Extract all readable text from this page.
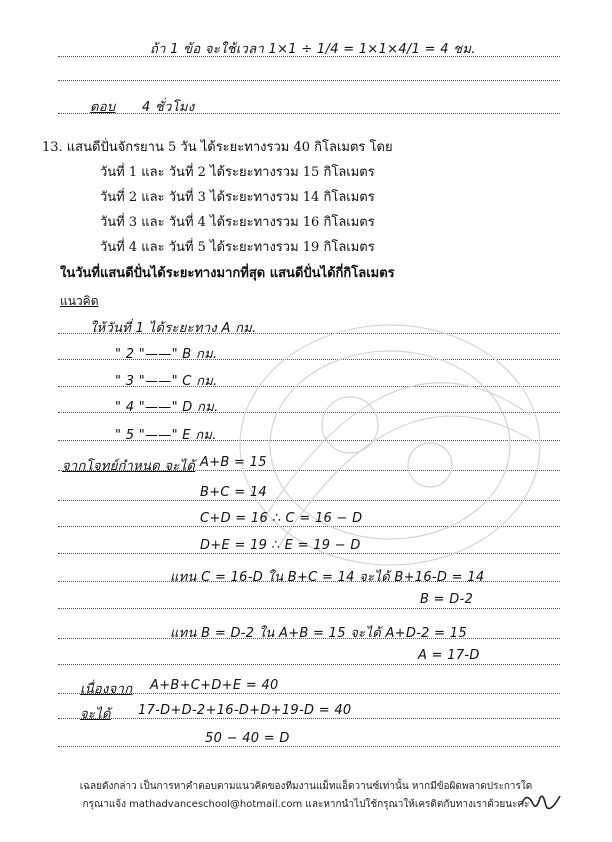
ถ้า 1 ข้อ จะใช้เวลา 1×1 ÷ 1/4 = 1×1×4/1 = 4 ชม.
ตอบ 4 ชั่วโมง
13. แสนดีปั่นจักรยาน 5 วัน ได้ระยะทางรวม 40 กิโลเมตร โดย
วันที่ 1 และ วันที่ 2 ได้ระยะทางรวม 15 กิโลเมตร
วันที่ 2 และ วันที่ 3 ได้ระยะทางรวม 14 กิโลเมตร
วันที่ 3 และ วันที่ 4 ได้ระยะทางรวม 16 กิโลเมตร
วันที่ 4 และ วันที่ 5 ได้ระยะทางรวม 19 กิโลเมตร
ในวันที่แสนดีปั่นได้ระยะทางมากที่สุด แสนดีปั่นได้กี่กิโลเมตร
แนวคิด
ให้วันที่ 1 ได้ระยะทาง A กม.
" 2 "——" B กม.
" 3 "——" C กม.
" 4 "——" D กม.
" 5 "——" E กม.
จากโจทย์กำหนด จะได้ A+B = 15
B+C = 14
C+D = 16 ∴ C = 16 − D
D+E = 19 ∴ E = 19 − D
แทน C = 16-D ใน B+C = 14 จะได้ B+16-D = 14
B = D-2
แทน B = D-2 ใน A+B = 15 จะได้ A+D-2 = 15
A = 17-D
เนื่องจาก A+B+C+D+E = 40
จะได้ 17-D+D-2+16-D+D+19-D = 40
50 − 40 = D
เฉลยดังกล่าว เป็นการหาคำตอบตามแนวคิดของทีมงานแม็ทแอ็ดวานซ์เท่านั้น หากมีข้อผิดพลาดประการใด
กรุณาแจ้ง mathadvanceschool@hotmail.com และหากนำไปใช้กรุณาให้เครดิตกับทางเราด้วยนะคะ
